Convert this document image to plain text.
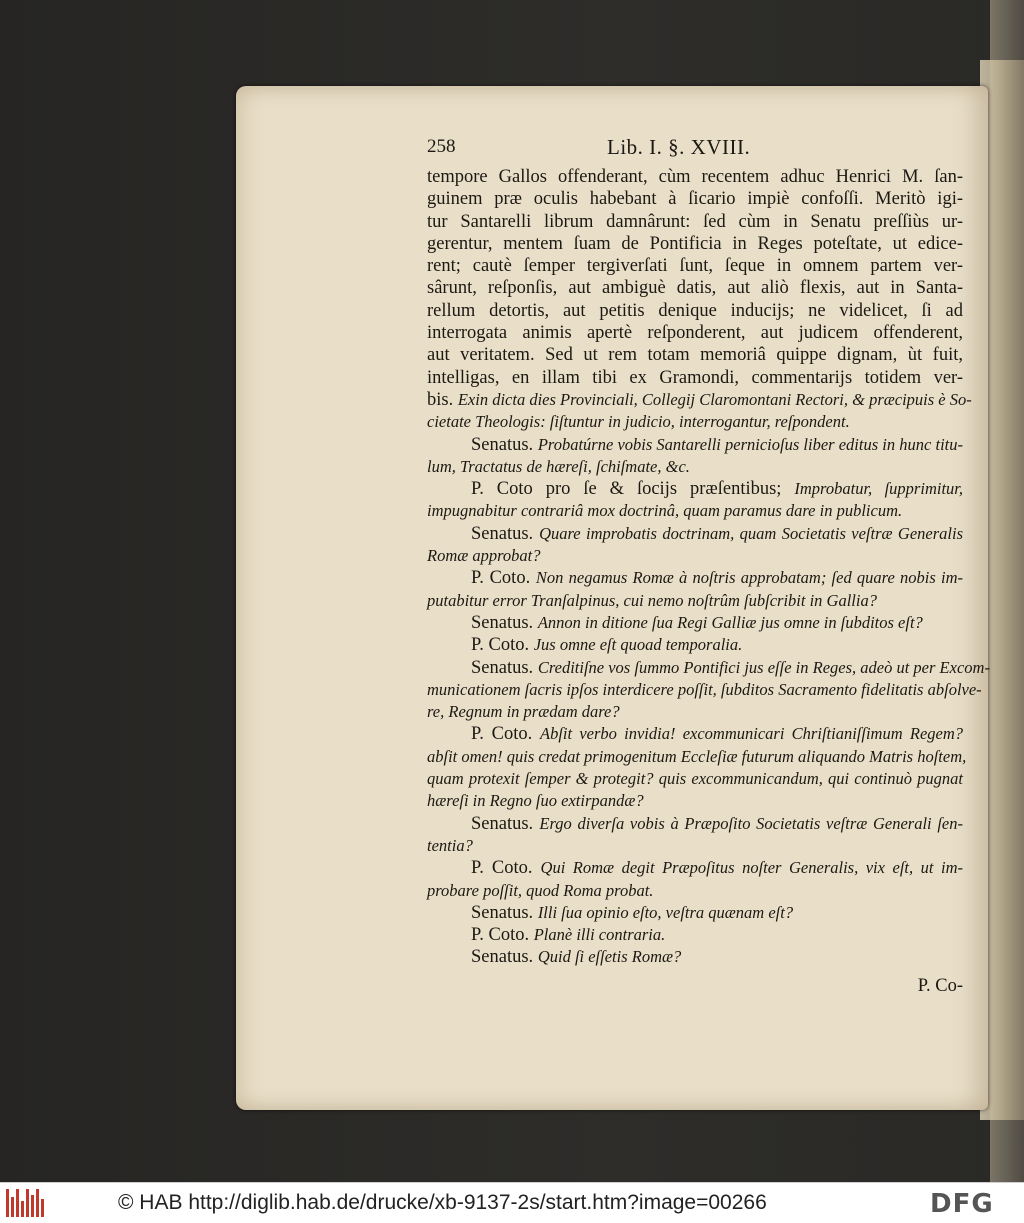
258	Lib. I. §. XVIII.
tempore Gallos offenderant, cùm recentem adhuc Henrici M. ſan-
guinem præ oculis habebant à ſicario impiè confoſſi. Meritò igi-
tur Santarelli librum damnârunt: ſed cùm in Senatu preſſiùs ur-
gerentur, mentem ſuam de Pontificia in Reges poteſtate, ut edice-
rent; cautè ſemper tergiverſati ſunt, ſeque in omnem partem ver-
sârunt, reſponſis, aut ambiguè datis, aut aliò flexis, aut in Santa-
rellum detortis, aut petitis denique inducijs; ne videlicet, ſi ad
interrogata animis apertè reſponderent, aut judicem offenderent,
aut veritatem. Sed ut rem totam memoriâ quippe dignam, ùt fuit,
intelligas, en illam tibi ex Gramondi, commentarijs totidem ver-
bis. Exin dicta dies Provinciali, Collegij Claromontani Rectori, & præcipuis è So-
cietate Theologis: ſiſtuntur in judicio, interrogantur, reſpondent.
Senatus. Probatúrne vobis Santarelli pernicioſus liber editus in hunc titu-
lum, Tractatus de hæreſi, ſchiſmate, &c.
P. Coto pro ſe & ſocijs præſentibus; Improbatur, ſupprimitur,
impugnabitur contrariâ mox doctrinâ, quam paramus dare in publicum.
Senatus. Quare improbatis doctrinam, quam Societatis veſtræ Generalis
Romæ approbat?
P. Coto. Non negamus Romæ à noſtris approbatam; ſed quare nobis im-
putabitur error Tranſalpinus, cui nemo noſtrûm ſubſcribit in Gallia?
Senatus. Annon in ditione ſua Regi Galliæ jus omne in ſubditos eſt?
P. Coto. Jus omne eſt quoad temporalia.
Senatus. Creditiſne vos ſummo Pontifici jus eſſe in Reges, adeò ut per Excom-
municationem ſacris ipſos interdicere poſſit, ſubditos Sacramento fidelitatis abſolve-
re, Regnum in prædam dare?
P. Coto. Abſit verbo invidia! excommunicari Chriſtianiſſimum Regem?
abſit omen! quis credat primogenitum Eccleſiæ futurum aliquando Matris hoſtem,
quam protexit ſemper & protegit? quis excommunicandum, qui continuò pugnat
hæreſi in Regno ſuo extirpandæ?
Senatus. Ergo diverſa vobis à Præpoſito Societatis veſtræ Generali ſen-
tentia?
P. Coto. Qui Romæ degit Præpoſitus noſter Generalis, vix eſt, ut im-
probare poſſit, quod Roma probat.
Senatus. Illi ſua opinio eſto, veſtra quænam eſt?
P. Coto. Planè illi contraria.
Senatus. Quid ſi eſſetis Romæ?
P. Co-
© HAB http://diglib.hab.de/drucke/xb-9137-2s/start.htm?image=00266	DFG
